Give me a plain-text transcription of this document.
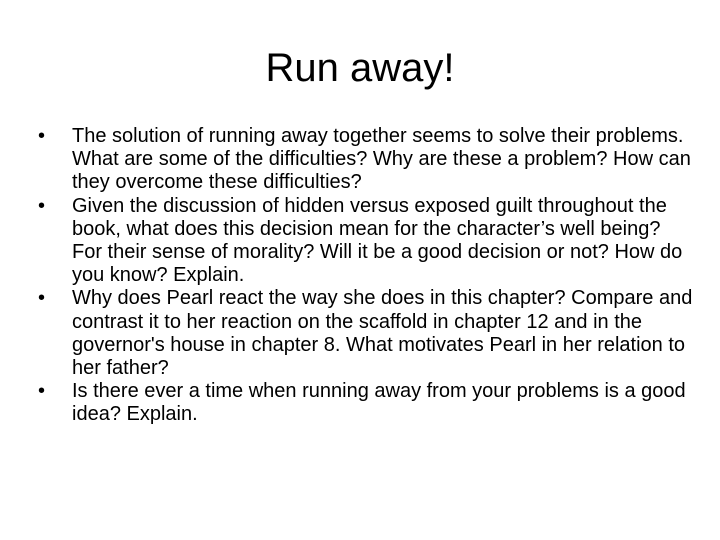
Run away!
•	The solution of running away together seems to solve their problems. What are some of the difficulties? Why are these a problem? How can they overcome these difficulties?
•	Given the discussion of hidden versus exposed guilt throughout the book, what does this decision mean for the character’s well being? For their sense of morality? Will it be a good decision or not? How do you know? Explain.
•	Why does Pearl react the way she does in this chapter? Compare and contrast it to her reaction on the scaffold in chapter 12 and in the governor's house in chapter 8. What motivates Pearl in her relation to her father?
•	Is there ever a time when running away from your problems is a good idea? Explain.
